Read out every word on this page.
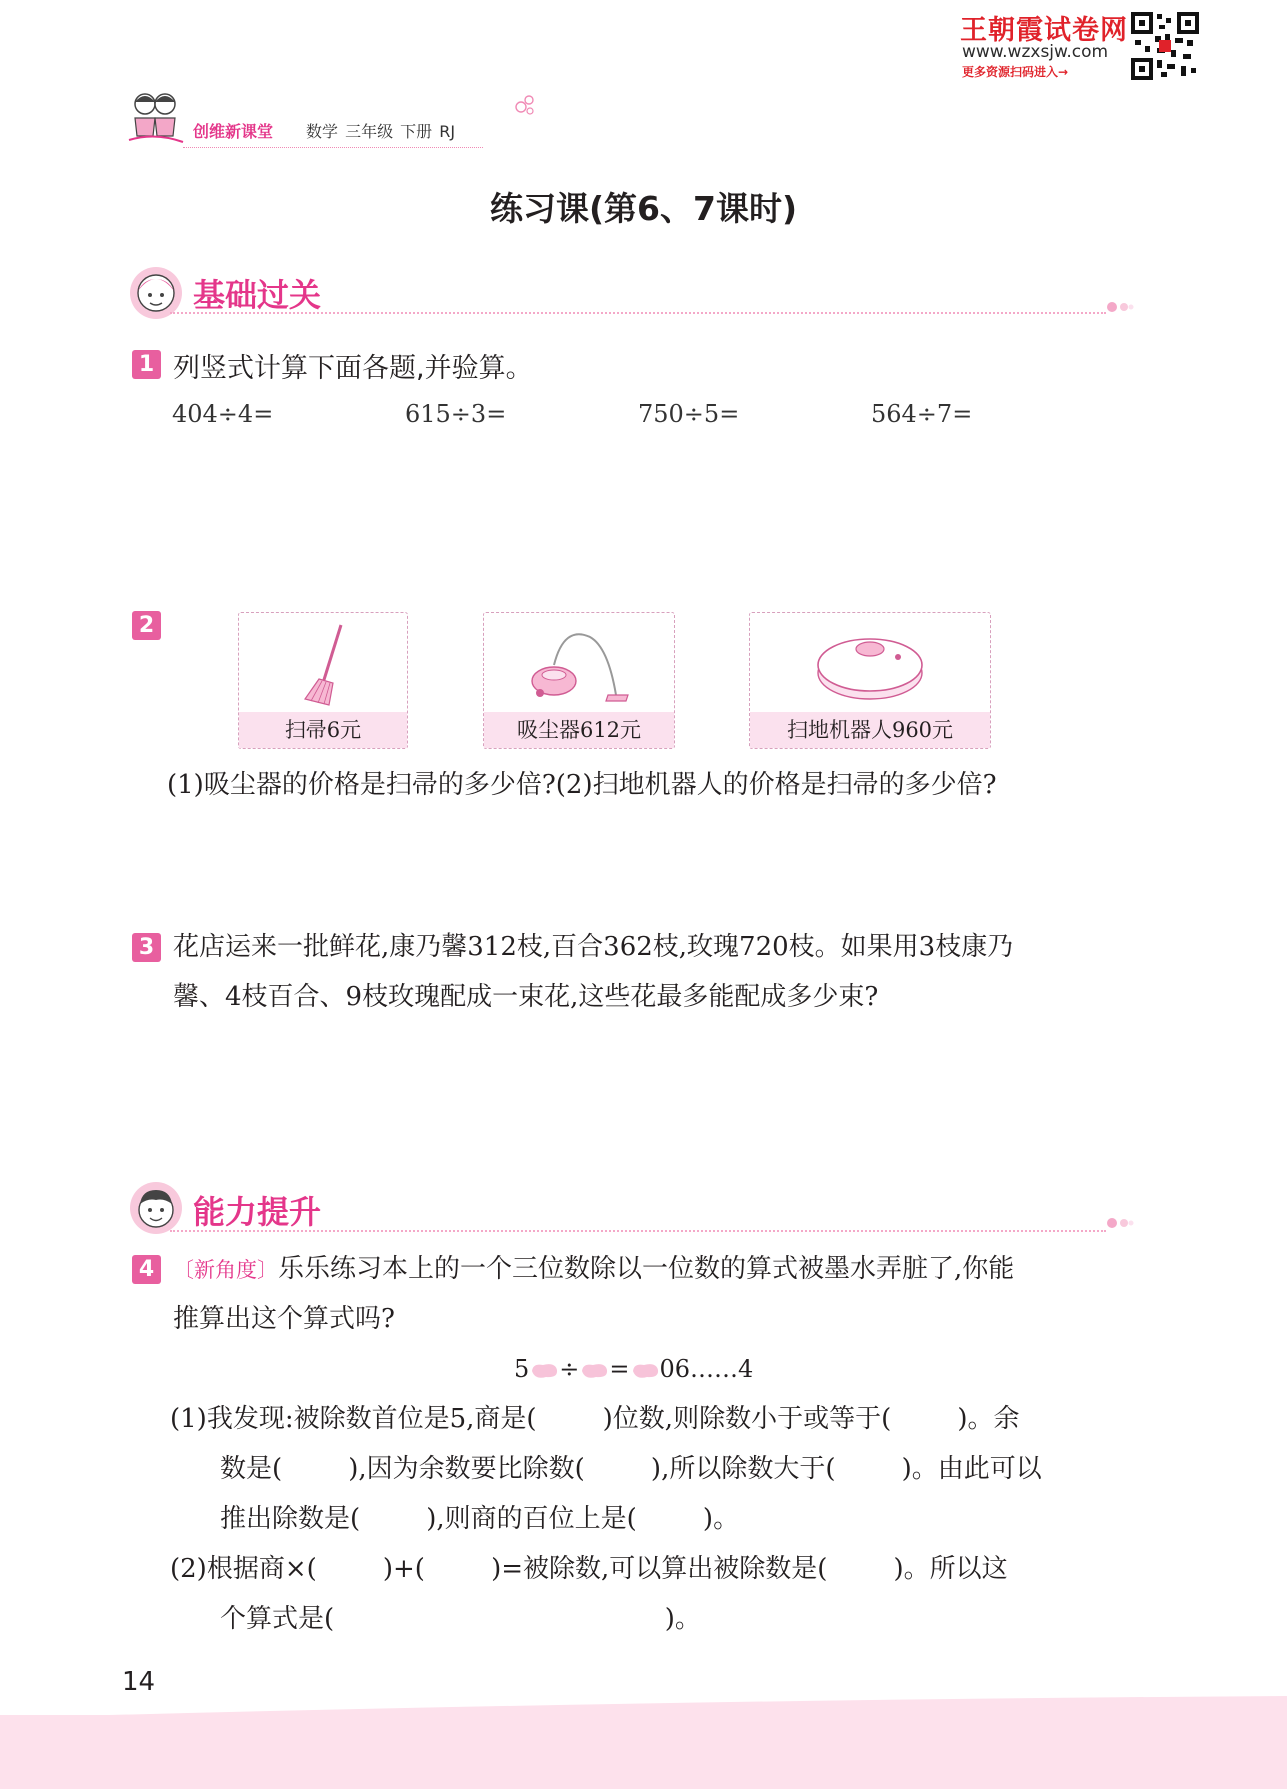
王朝霞试卷网
www.wzxsjw.com
更多资源扫码进入→
创维新课堂 数学 三年级 下册 RJ
练习课(第6、7课时)
基础过关
1 列竖式计算下面各题,并验算。
404÷4=	615÷3=	750÷5=	564÷7=
2
扫帚6元	吸尘器612元	扫地机器人960元
(1)吸尘器的价格是扫帚的多少倍?(2)扫地机器人的价格是扫帚的多少倍?
3 花店运来一批鲜花,康乃馨312枝,百合362枝,玫瑰720枝。如果用3枝康乃
馨、4枝百合、9枝玫瑰配成一束花,这些花最多能配成多少束?
能力提升
4 〔新角度〕乐乐练习本上的一个三位数除以一位数的算式被墨水弄脏了,你能
推算出这个算式吗?
5 ÷ = 06……4
(1)我发现:被除数首位是5,商是(        )位数,则除数小于或等于(        )。余
数是(        ),因为余数要比除数(        ),所以除数大于(        )。由此可以
推出除数是(        ),则商的百位上是(        )。
(2)根据商×(        )+(        )=被除数,可以算出被除数是(        )。所以这
个算式是(                                        )。
14
